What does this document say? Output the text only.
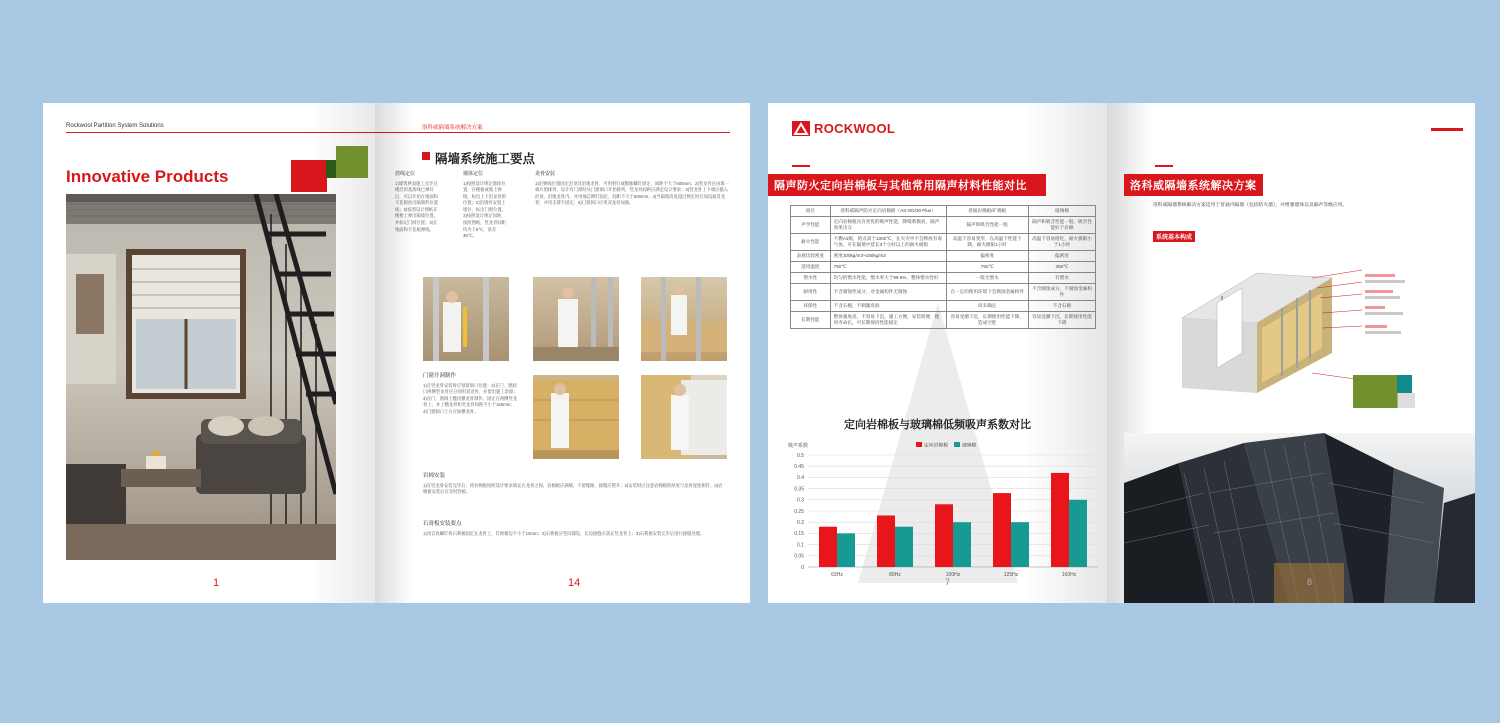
Rockwool Partition System Solutions
Innovative Products
1
洛科威隔墙系统解决方案
隔墙系统施工要点
放线定位
1)建筑界面施工完毕且楼层的基准线已弹好后，可以开始在地面和天花板放出隔墙的位置线；2)按照设计图纸在楼板上弹出隔墙位置，并标记门洞位置；3)在地面和天花板弹线。
墙体定位
1)按照设计规定墙体位置，在楼板或地上弹线，标出上下沿龙骨的位置；2)沿墙骨安置上墙位，标出门窗位置。3)按照设计规定间距，按照图纸，竖龙骨间距均为下5℃，误差35℃。
龙骨安装
1)沿弹线位置固定沿顶及沿地龙骨，可用射钉或膨胀螺钉固定，间距不大于600mm；2)竖龙骨应由墙一端开始排列，设计有门窗时从门窗洞口开始排列，竖龙骨间距应满足设计要求；3)竖龙骨上下端应插入沿顶、沿地龙骨内，并用抽芯铆钉固定，间距不大于600mm；4)当隔墙高度超过规定时应加设通贯龙骨，并用支撑卡固定；5)门窗洞口应用双龙骨加强。
门窗开洞制作
1)在竖龙骨安装时应预留洞口位置；2)在门、窗洞口两侧竖龙骨应分别用双龙骨，并留出施工余量；3)在门、窗洞上槛用横龙骨制作，固定在两侧竖龙骨上，并上横龙骨和竖龙骨间距不小于150mm；4)门窗洞口上方应加横龙骨。
岩棉安装
1)在竖龙骨安装完毕后，将岩棉板按照设计要求填充在龙骨之间，岩棉板应满铺，不留缝隙，接缝应错开；2)安装时应注意岩棉板的厚度与龙骨宽度相符；3)岩棉板安装后应及时封板。
石膏板安装要点
1)用自攻螺钉将石膏板固定在龙骨上，钉距板边不小于10mm；2)石膏板应竖向铺设，长边接缝应落在竖龙骨上；3)石膏板安装完毕后进行接缝处理。
14
ROCKWOOL
隔声防火定向岩棉板与其他常用隔声材料性能对比
项目	洛科威隔声防火定向岩棉板（AS-OD/30 Plus）	普通岩棉板/矿棉板	玻璃棉
声学性能	定向岩棉板具有更优的吸声性能，降噪系数高，隔声效果出众	隔声和吸音性能一般	隔声和吸音性能一般，吸音性能好于岩棉
耐火性能	不燃A1级，熔点高于1000℃，在火灾中不会释放有毒气体，可在隔墙中延长3个小时以上的耐火极限	高温下容易变形，在高温下性能下降，耐火极限1小时	高温下容易熔化，耐火极限小于1小时
表观比较密度	密度100kg/m3~150kg/m3	偏密度	偏密度
适用温度	750℃	750℃	350℃
憎水性	均匀的憎水性能，憎水率大于99.5%，整体憎水性好	一般无憎水	有憎水
耐用性	不含腐蚀性成分，对金属构件无腐蚀	在一定的使用环境下会腐蚀金属构件	不含腐蚀成分，不腐蚀金属构件
环保性	不含石棉，不刺激皮肤	尚未确定	不含石棉
长期性能	整体强度高，不容易下沉，施工方便，安装简便，使用寿命长，可长期保持性能稳定	容易受潮下沉，长期使用性能下降，造成空腔	容易受潮下沉，长期使用性能下降
定向岩棉板与玻璃棉低频吸声系数对比
吸声系数	定向岩棉板	玻璃棉
0
0.05
0.1
0.15
0.2
0.25
0.3
0.35
0.4
0.45
0.5
63Hz	80Hz	100Hz	125Hz	160Hz
7
洛科威隔墙系统解决方案
洛科威隔墙系统解决方案适用于普通内隔墙（包括防火墙），并增强墙体以及隔声等级应用。
系统基本构成
8
